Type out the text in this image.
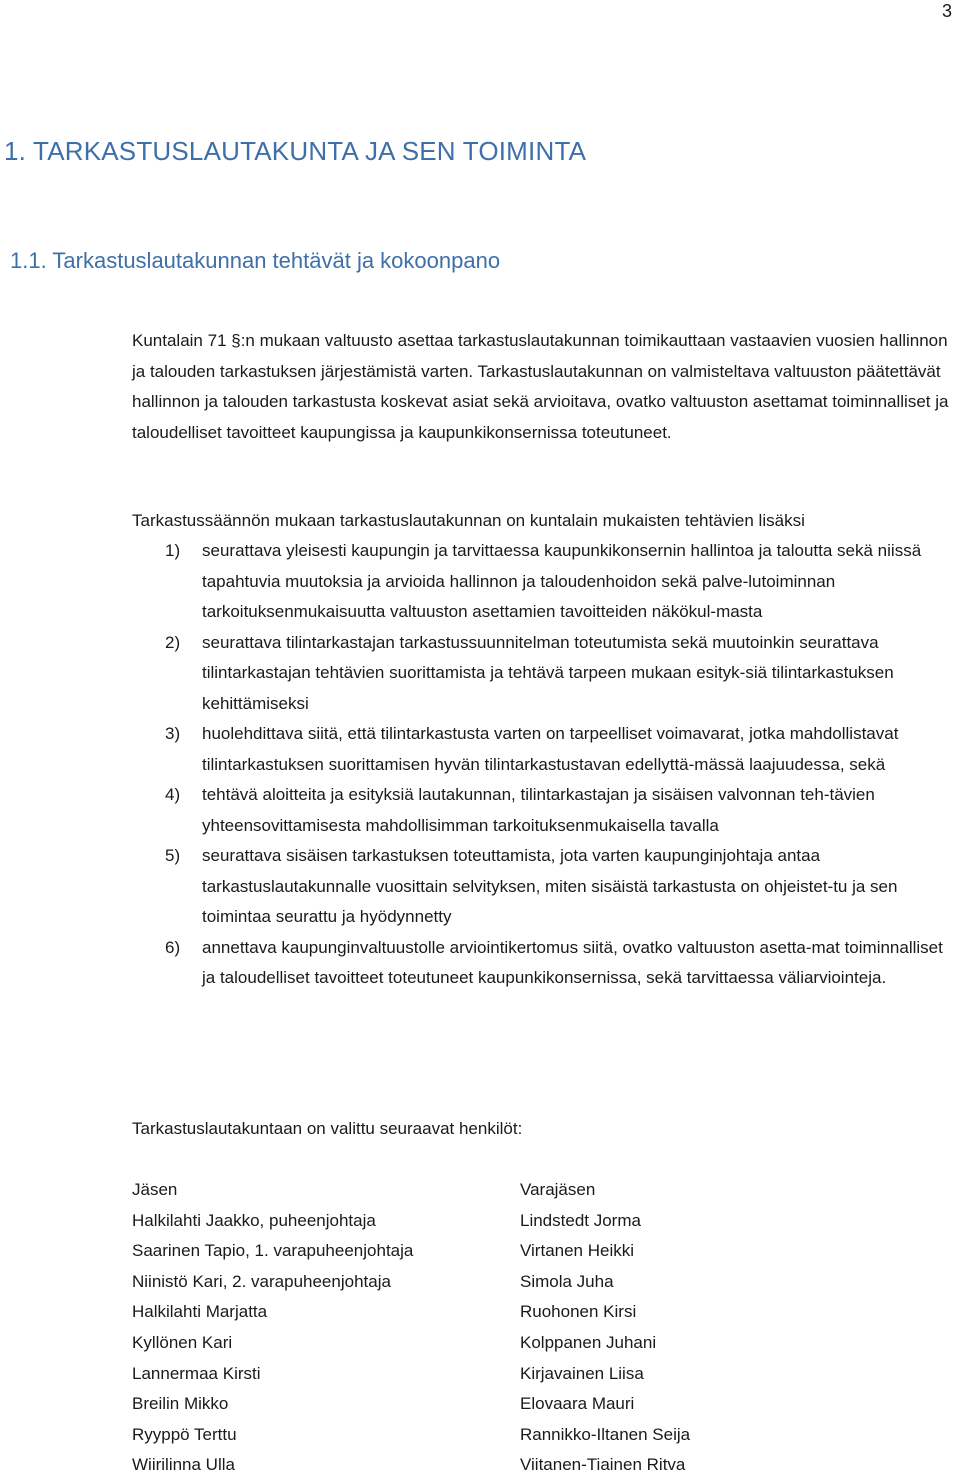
3
1. TARKASTUSLAUTAKUNTA JA SEN TOIMINTA
1.1. Tarkastuslautakunnan tehtävät ja kokoonpano

Kuntalain 71 §:n mukaan valtuusto asettaa tarkastuslautakunnan toimikauttaan vastaavien vuosien hallinnon ja talouden tarkastuksen järjestämistä varten. Tarkastuslautakunnan on valmisteltava valtuuston päätettävät hallinnon ja talouden tarkastusta koskevat asiat sekä arvioitava, ovatko valtuuston asettamat toiminnalliset ja taloudelliset tavoitteet kaupungissa ja kaupunkikonsernissa toteutuneet.

Tarkastussäännön mukaan tarkastuslautakunnan on kuntalain mukaisten tehtävien lisäksi

1) seurattava yleisesti kaupungin ja tarvittaessa kaupunkikonsernin hallintoa ja taloutta sekä niissä tapahtuvia muutoksia ja arvioida hallinnon ja taloudenhoidon sekä palve-lutoiminnan tarkoituksenmukaisuutta valtuuston asettamien tavoitteiden näkökul-masta
2) seurattava tilintarkastajan tarkastussuunnitelman toteutumista sekä muutoinkin seurattava tilintarkastajan tehtävien suorittamista ja tehtävä tarpeen mukaan esityk-siä tilintarkastuksen kehittämiseksi
3) huolehdittava siitä, että tilintarkastusta varten on tarpeelliset voimavarat, jotka mahdollistavat tilintarkastuksen suorittamisen hyvän tilintarkastustavan edellyttä-mässä laajuudessa, sekä
4) tehtävä aloitteita ja esityksiä lautakunnan, tilintarkastajan ja sisäisen valvonnan teh-tävien yhteensovittamisesta mahdollisimman tarkoituksenmukaisella tavalla
5) seurattava sisäisen tarkastuksen toteuttamista, jota varten kaupunginjohtaja antaa tarkastuslautakunnalle vuosittain selvityksen, miten sisäistä tarkastusta on ohjeistet-tu ja sen toimintaa seurattu ja hyödynnetty
6) annettava kaupunginvaltuustolle arviointikertomus siitä, ovatko valtuuston asetta-mat toiminnalliset ja taloudelliset tavoitteet toteutuneet kaupunkikonsernissa, sekä tarvittaessa väliarviointeja.

Tarkastuslautakuntaan on valittu seuraavat henkilöt:

Jäsen
Halkilahti Jaakko, puheenjohtaja
Saarinen Tapio, 1. varapuheenjohtaja
Niinistö Kari, 2. varapuheenjohtaja
Halkilahti Marjatta
Kyllönen Kari
Lannermaa Kirsti
Breilin Mikko
Ryyppö Terttu
Wiirilinna Ulla
Varajäsen
Lindstedt Jorma
Virtanen Heikki
Simola Juha
Ruohonen Kirsi
Kolppanen Juhani
Kirjavainen Liisa
Elovaara Mauri
Rannikko-Iltanen Seija
Viitanen-Tiainen Ritva
